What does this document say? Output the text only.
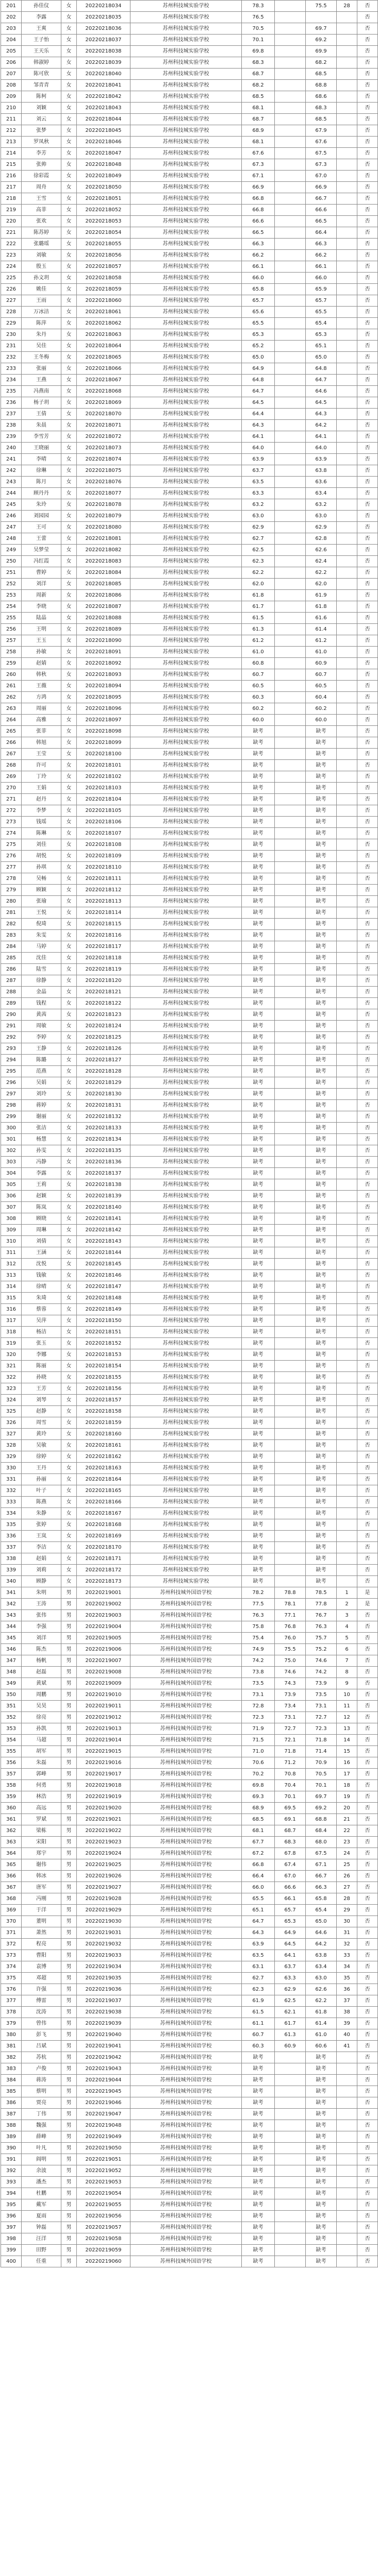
201	孙佳仪	女	20220218034	苏州科技城实验学校	78.3		75.5	28	否
202	李露	女	20220218035	苏州科技城实验学校	76.5				否
203	王爽	女	20220218036	苏州科技城实验学校	70.5		69.7		否
204	王子怡	女	20220218037	苏州科技城实验学校	70.1		69.2		否
205	王天乐	女	20220218038	苏州科技城实验学校	69.8		69.9		否
206	韩淑婷	女	20220218039	苏州科技城实验学校	68.3		68.2		否
207	陈可欣	女	20220218040	苏州科技城实验学校	68.7		68.5		否
208	邹青青	女	20220218041	苏州科技城实验学校	68.2		68.8		否
209	陈柯	女	20220218042	苏州科技城实验学校	68.5		68.6		否
210	刘颖	女	20220218043	苏州科技城实验学校	68.1		68.3		否
211	刘云	女	20220218044	苏州科技城实验学校	68.7		68.5		否
212	张梦	女	20220218045	苏州科技城实验学校	68.9		67.9		否
213	罗凤秋	女	20220218046	苏州科技城实验学校	68.1		67.6		否
214	李芳	女	20220218047	苏州科技城实验学校	67.6		67.5		否
215	张帅	女	20220218048	苏州科技城实验学校	67.3		67.3		否
216	徐彩霞	女	20220218049	苏州科技城实验学校	67.1		67.0		否
217	周舟	女	20220218050	苏州科技城实验学校	66.9		66.9		否
218	王雪	女	20220218051	苏州科技城实验学校	66.8		66.7		否
219	高菲	女	20220218052	苏州科技城实验学校	66.8		66.6		否
220	张欢	女	20220218053	苏州科技城实验学校	66.6		66.5		否
221	陈苏婷	女	20220218054	苏州科技城实验学校	66.5		66.4		否
222	张璐瑶	女	20220218055	苏州科技城实验学校	66.3		66.3		否
223	刘敏	女	20220218056	苏州科技城实验学校	66.2		66.2		否
224	殷玉	女	20220218057	苏州科技城实验学校	66.1		66.1		否
225	孙文玥	女	20220218058	苏州科技城实验学校	66.0		66.0		否
226	姚佳	女	20220218059	苏州科技城实验学校	65.8		65.9		否
227	王雨	女	20220218060	苏州科技城实验学校	65.7		65.7		否
228	万冰洁	女	20220218061	苏州科技城实验学校	65.6		65.5		否
229	陈萍	女	20220218062	苏州科技城实验学校	65.5		65.4		否
230	朱丹	女	20220218063	苏州科技城实验学校	65.3		65.3		否
231	吴佳	女	20220218064	苏州科技城实验学校	65.2		65.1		否
232	王冬梅	女	20220218065	苏州科技城实验学校	65.0		65.0		否
233	张丽	女	20220218066	苏州科技城实验学校	64.9		64.8		否
234	王燕	女	20220218067	苏州科技城实验学校	64.8		64.7		否
235	冯燕南	女	20220218068	苏州科技城实验学校	64.7		64.6		否
236	杨子玥	女	20220218069	苏州科技城实验学校	64.5		64.5		否
237	王倩	女	20220218070	苏州科技城实验学校	64.4		64.3		否
238	朱晨	女	20220218071	苏州科技城实验学校	64.3		64.2		否
239	李雪芳	女	20220218072	苏州科技城实验学校	64.1		64.1		否
240	王晓丽	女	20220218073	苏州科技城实验学校	64.0		64.0		否
241	李晴	女	20220218074	苏州科技城实验学校	63.9		63.9		否
242	徐琳	女	20220218075	苏州科技城实验学校	63.7		63.8		否
243	陈月	女	20220218076	苏州科技城实验学校	63.5		63.6		否
244	顾丹丹	女	20220218077	苏州科技城实验学校	63.3		63.4		否
245	朱玲	女	20220218078	苏州科技城实验学校	63.2		63.2		否
246	刘园园	女	20220218079	苏州科技城实验学校	63.0		63.0		否
247	王可	女	20220218080	苏州科技城实验学校	62.9		62.9		否
248	王蕾	女	20220218081	苏州科技城实验学校	62.7		62.8		否
249	吴梦莹	女	20220218082	苏州科技城实验学校	62.5		62.6		否
250	冯红霞	女	20220218083	苏州科技城实验学校	62.3		62.4		否
251	曹婷	女	20220218084	苏州科技城实验学校	62.2		62.2		否
252	刘洋	女	20220218085	苏州科技城实验学校	62.0		62.0		否
253	周新	女	20220218086	苏州科技城实验学校	61.8		61.9		否
254	李晓	女	20220218087	苏州科技城实验学校	61.7		61.8		否
255	陆晶	女	20220218088	苏州科技城实验学校	61.5		61.6		否
256	王明	女	20220218089	苏州科技城实验学校	61.3		61.4		否
257	王玉	女	20220218090	苏州科技城实验学校	61.2		61.2		否
258	孙敏	女	20220218091	苏州科技城实验学校	61.0		61.0		否
259	赵婧	女	20220218092	苏州科技城实验学校	60.8		60.9		否
260	韩秋	女	20220218093	苏州科技城实验学校	60.7		60.7		否
261	王薇	女	20220218094	苏州科技城实验学校	60.5		60.5		否
262	方鸿	女	20220218095	苏州科技城实验学校	60.3		60.4		否
263	周丽	女	20220218096	苏州科技城实验学校	60.2		60.2		否
264	高雅	女	20220218097	苏州科技城实验学校	60.0		60.0		否
265	张菲	女	20220218098	苏州科技城实验学校	缺考		缺考		否
266	韩旭	女	20220218099	苏州科技城实验学校	缺考		缺考		否
267	王莹	女	20220218100	苏州科技城实验学校	缺考		缺考		否
268	许可	女	20220218101	苏州科技城实验学校	缺考		缺考		否
269	丁玲	女	20220218102	苏州科技城实验学校	缺考		缺考		否
270	王娟	女	20220218103	苏州科技城实验学校	缺考		缺考		否
271	赵丹	女	20220218104	苏州科技城实验学校	缺考		缺考		否
272	李梦	女	20220218105	苏州科技城实验学校	缺考		缺考		否
273	钱瑶	女	20220218106	苏州科技城实验学校	缺考		缺考		否
274	陈琳	女	20220218107	苏州科技城实验学校	缺考		缺考		否
275	刘佳	女	20220218108	苏州科技城实验学校	缺考		缺考		否
276	胡悦	女	20220218109	苏州科技城实验学校	缺考		缺考		否
277	孙琪	女	20220218110	苏州科技城实验学校	缺考		缺考		否
278	吴畅	女	20220218111	苏州科技城实验学校	缺考		缺考		否
279	顾颖	女	20220218112	苏州科技城实验学校	缺考		缺考		否
280	张瑜	女	20220218113	苏州科技城实验学校	缺考		缺考		否
281	王悦	女	20220218114	苏州科技城实验学校	缺考		缺考		否
282	倪琦	女	20220218115	苏州科技城实验学校	缺考		缺考		否
283	朱雯	女	20220218116	苏州科技城实验学校	缺考		缺考		否
284	马婷	女	20220218117	苏州科技城实验学校	缺考		缺考		否
285	沈佳	女	20220218118	苏州科技城实验学校	缺考		缺考		否
286	陆雪	女	20220218119	苏州科技城实验学校	缺考		缺考		否
287	徐静	女	20220218120	苏州科技城实验学校	缺考		缺考		否
288	金晶	女	20220218121	苏州科技城实验学校	缺考		缺考		否
289	钱程	女	20220218122	苏州科技城实验学校	缺考		缺考		否
290	黄茜	女	20220218123	苏州科技城实验学校	缺考		缺考		否
291	周敏	女	20220218124	苏州科技城实验学校	缺考		缺考		否
292	李婷	女	20220218125	苏州科技城实验学校	缺考		缺考		否
293	王静	女	20220218126	苏州科技城实验学校	缺考		缺考		否
294	陈璐	女	20220218127	苏州科技城实验学校	缺考		缺考		否
295	范燕	女	20220218128	苏州科技城实验学校	缺考		缺考		否
296	吴娟	女	20220218129	苏州科技城实验学校	缺考		缺考		否
297	刘玲	女	20220218130	苏州科技城实验学校	缺考		缺考		否
298	蒋婷	女	20220218131	苏州科技城实验学校	缺考		缺考		否
299	谢丽	女	20220218132	苏州科技城实验学校	缺考		缺考		否
300	张洁	女	20220218133	苏州科技城实验学校	缺考		缺考		否
301	杨慧	女	20220218134	苏州科技城实验学校	缺考		缺考		否
302	孙雯	女	20220218135	苏州科技城实验学校	缺考		缺考		否
303	冯静	女	20220218136	苏州科技城实验学校	缺考		缺考		否
304	李露	女	20220218137	苏州科技城实验学校	缺考		缺考		否
305	王莉	女	20220218138	苏州科技城实验学校	缺考		缺考		否
306	赵颖	女	20220218139	苏州科技城实验学校	缺考		缺考		否
307	陈岚	女	20220218140	苏州科技城实验学校	缺考		缺考		否
308	顾晓	女	20220218141	苏州科技城实验学校	缺考		缺考		否
309	周琳	女	20220218142	苏州科技城实验学校	缺考		缺考		否
310	刘倩	女	20220218143	苏州科技城实验学校	缺考		缺考		否
311	王涵	女	20220218144	苏州科技城实验学校	缺考		缺考		否
312	沈悦	女	20220218145	苏州科技城实验学校	缺考		缺考		否
313	钱敏	女	20220218146	苏州科技城实验学校	缺考		缺考		否
314	徐晴	女	20220218147	苏州科技城实验学校	缺考		缺考		否
315	朱琦	女	20220218148	苏州科技城实验学校	缺考		缺考		否
316	蔡蓉	女	20220218149	苏州科技城实验学校	缺考		缺考		否
317	吴萍	女	20220218150	苏州科技城实验学校	缺考		缺考		否
318	杨洁	女	20220218151	苏州科技城实验学校	缺考		缺考		否
319	张玉	女	20220218152	苏州科技城实验学校	缺考		缺考		否
320	李娜	女	20220218153	苏州科技城实验学校	缺考		缺考		否
321	陈丽	女	20220218154	苏州科技城实验学校	缺考		缺考		否
322	孙晓	女	20220218155	苏州科技城实验学校	缺考		缺考		否
323	王芳	女	20220218156	苏州科技城实验学校	缺考		缺考		否
324	刘琴	女	20220218157	苏州科技城实验学校	缺考		缺考		否
325	赵静	女	20220218158	苏州科技城实验学校	缺考		缺考		否
326	周雪	女	20220218159	苏州科技城实验学校	缺考		缺考		否
327	黄玲	女	20220218160	苏州科技城实验学校	缺考		缺考		否
328	吴敏	女	20220218161	苏州科技城实验学校	缺考		缺考		否
329	徐婷	女	20220218162	苏州科技城实验学校	缺考		缺考		否
330	王丹	女	20220218163	苏州科技城实验学校	缺考		缺考		否
331	孙丽	女	20220218164	苏州科技城实验学校	缺考		缺考		否
332	叶子	女	20220218165	苏州科技城实验学校	缺考		缺考		否
333	陈燕	女	20220218166	苏州科技城实验学校	缺考		缺考		否
334	朱静	女	20220218167	苏州科技城实验学校	缺考		缺考		否
335	张婷	女	20220218168	苏州科技城实验学校	缺考		缺考		否
336	王岚	女	20220218169	苏州科技城实验学校	缺考		缺考		否
337	李洁	女	20220218170	苏州科技城实验学校	缺考		缺考		否
338	赵娟	女	20220218171	苏州科技城实验学校	缺考		缺考		否
339	刘莉	女	20220218172	苏州科技城实验学校	缺考		缺考		否
340	顾静	女	20220218173	苏州科技城实验学校	缺考		缺考		否
341	朱明	男	20220219001	苏州科技城外国语学校	78.2	78.8	78.5	1	是
342	王涛	男	20220219002	苏州科技城外国语学校	77.5	78.1	77.8	2	是
343	张伟	男	20220219003	苏州科技城外国语学校	76.3	77.1	76.7	3	否
344	李强	男	20220219004	苏州科技城外国语学校	75.8	76.8	76.3	4	否
345	刘洋	男	20220219005	苏州科技城外国语学校	75.4	76.0	75.7	5	否
346	陈杰	男	20220219006	苏州科技城外国语学校	74.9	75.5	75.2	6	否
347	杨帆	男	20220219007	苏州科技城外国语学校	74.2	75.0	74.6	7	否
348	赵磊	男	20220219008	苏州科技城外国语学校	73.8	74.6	74.2	8	否
349	黄斌	男	20220219009	苏州科技城外国语学校	73.5	74.3	73.9	9	否
350	周鹏	男	20220219010	苏州科技城外国语学校	73.1	73.9	73.5	10	否
351	吴昊	男	20220219011	苏州科技城外国语学校	72.8	73.4	73.1	11	否
352	徐亮	男	20220219012	苏州科技城外国语学校	72.3	73.1	72.7	12	否
353	孙凯	男	20220219013	苏州科技城外国语学校	71.9	72.7	72.3	13	否
354	马超	男	20220219014	苏州科技城外国语学校	71.5	72.1	71.8	14	否
355	胡军	男	20220219015	苏州科技城外国语学校	71.0	71.8	71.4	15	否
356	朱磊	男	20220219016	苏州科技城外国语学校	70.6	71.2	70.9	16	否
357	郭峰	男	20220219017	苏州科技城外国语学校	70.2	70.8	70.5	17	否
358	何勇	男	20220219018	苏州科技城外国语学校	69.8	70.4	70.1	18	否
359	林浩	男	20220219019	苏州科技城外国语学校	69.3	70.1	69.7	19	否
360	高远	男	20220219020	苏州科技城外国语学校	68.9	69.5	69.2	20	否
361	罗斌	男	20220219021	苏州科技城外国语学校	68.5	69.1	68.8	21	否
362	梁栋	男	20220219022	苏州科技城外国语学校	68.1	68.7	68.4	22	否
363	宋阳	男	20220219023	苏州科技城外国语学校	67.7	68.3	68.0	23	否
364	郑宇	男	20220219024	苏州科技城外国语学校	67.2	67.8	67.5	24	否
365	谢伟	男	20220219025	苏州科技城外国语学校	66.8	67.4	67.1	25	否
366	韩冰	男	20220219026	苏州科技城外国语学校	66.4	67.0	66.7	26	否
367	唐军	男	20220219027	苏州科技城外国语学校	66.0	66.6	66.3	27	否
368	冯刚	男	20220219028	苏州科技城外国语学校	65.5	66.1	65.8	28	否
369	于洋	男	20220219029	苏州科技城外国语学校	65.1	65.7	65.4	29	否
370	董明	男	20220219030	苏州科技城外国语学校	64.7	65.3	65.0	30	否
371	萧然	男	20220219031	苏州科技城外国语学校	64.3	64.9	64.6	31	否
372	程亮	男	20220219032	苏州科技城外国语学校	63.9	64.5	64.2	32	否
373	曹阳	男	20220219033	苏州科技城外国语学校	63.5	64.1	63.8	33	否
374	袁博	男	20220219034	苏州科技城外国语学校	63.1	63.7	63.4	34	否
375	邓超	男	20220219035	苏州科技城外国语学校	62.7	63.3	63.0	35	否
376	许强	男	20220219036	苏州科技城外国语学校	62.3	62.9	62.6	36	否
377	傅雷	男	20220219037	苏州科技城外国语学校	61.9	62.5	62.2	37	否
378	沈涛	男	20220219038	苏州科技城外国语学校	61.5	62.1	61.8	38	否
379	曾伟	男	20220219039	苏州科技城外国语学校	61.1	61.7	61.4	39	否
380	彭飞	男	20220219040	苏州科技城外国语学校	60.7	61.3	61.0	40	否
381	吕斌	男	20220219041	苏州科技城外国语学校	60.3	60.9	60.6	41	否
382	苏杭	男	20220219042	苏州科技城外国语学校	缺考		缺考		否
383	卢俊	男	20220219043	苏州科技城外国语学校	缺考		缺考		否
384	蒋涛	男	20220219044	苏州科技城外国语学校	缺考		缺考		否
385	蔡明	男	20220219045	苏州科技城外国语学校	缺考		缺考		否
386	贾亮	男	20220219046	苏州科技城外国语学校	缺考		缺考		否
387	丁伟	男	20220219047	苏州科技城外国语学校	缺考		缺考		否
388	魏强	男	20220219048	苏州科技城外国语学校	缺考		缺考		否
389	薛峰	男	20220219049	苏州科技城外国语学校	缺考		缺考		否
390	叶凡	男	20220219050	苏州科技城外国语学校	缺考		缺考		否
391	阎明	男	20220219051	苏州科技城外国语学校	缺考		缺考		否
392	余波	男	20220219052	苏州科技城外国语学校	缺考		缺考		否
393	潘杰	男	20220219053	苏州科技城外国语学校	缺考		缺考		否
394	杜鹏	男	20220219054	苏州科技城外国语学校	缺考		缺考		否
395	戴军	男	20220219055	苏州科技城外国语学校	缺考		缺考		否
396	夏雨	男	20220219056	苏州科技城外国语学校	缺考		缺考		否
397	钟磊	男	20220219057	苏州科技城外国语学校	缺考		缺考		否
398	汪洋	男	20220219058	苏州科技城外国语学校	缺考		缺考		否
399	田野	男	20220219059	苏州科技城外国语学校	缺考		缺考		否
400	任重	男	20220219060	苏州科技城外国语学校	缺考		缺考		否
